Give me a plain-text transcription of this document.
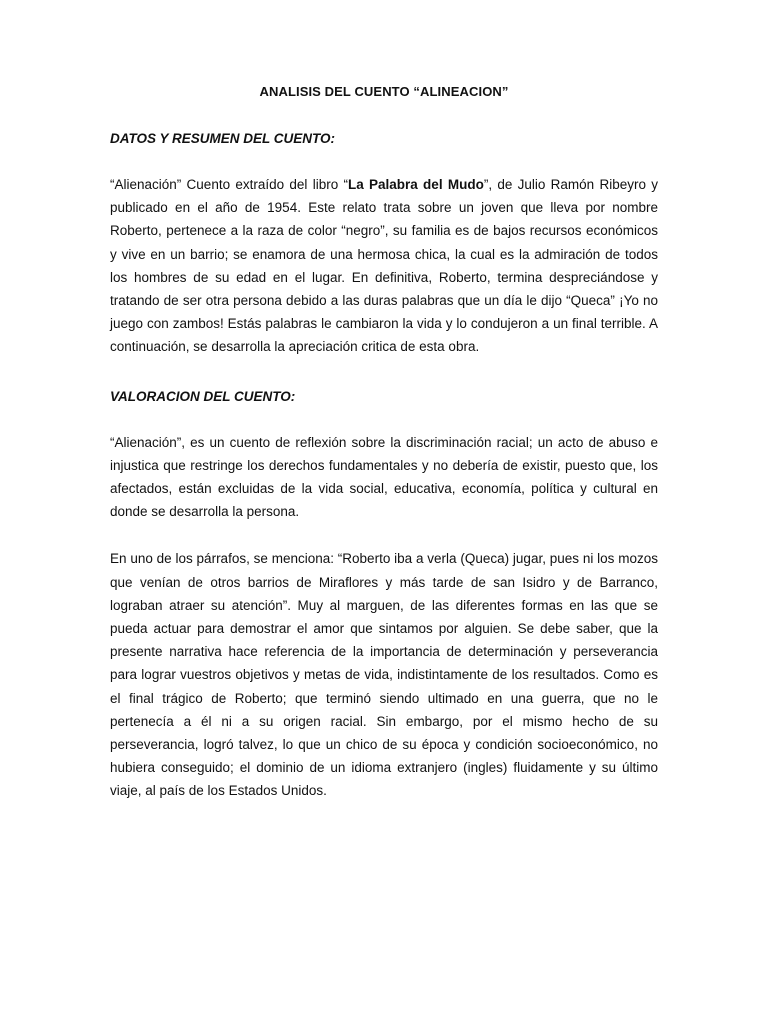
ANALISIS DEL CUENTO “ALINEACION”
DATOS Y RESUMEN DEL CUENTO:
“Alienación” Cuento extraído del libro “La Palabra del Mudo”, de Julio Ramón Ribeyro y publicado en el año de 1954. Este relato trata sobre un joven que lleva por nombre Roberto, pertenece a la raza de color “negro”, su familia es de bajos recursos económicos y vive en un barrio; se enamora de una hermosa chica, la cual es la admiración de todos los hombres de su edad en el lugar. En definitiva, Roberto, termina despreciándose y tratando de ser otra persona debido a las duras palabras que un día le dijo “Queca” ¡Yo no juego con zambos! Estás palabras le cambiaron la vida y lo condujeron a un final terrible. A continuación, se desarrolla la apreciación critica de esta obra.
VALORACION DEL CUENTO:
“Alienación”, es un cuento de reflexión sobre la discriminación racial; un acto de abuso e injustica que restringe los derechos fundamentales y no debería de existir, puesto que, los afectados, están excluidas de la vida social, educativa, economía, política y cultural en donde se desarrolla la persona.
En uno de los párrafos, se menciona: “Roberto iba a verla (Queca) jugar, pues ni los mozos que venían de otros barrios de Miraflores y más tarde de san Isidro y de Barranco, lograban atraer su atención”. Muy al marguen, de las diferentes formas en las que se pueda actuar para demostrar el amor que sintamos por alguien. Se debe saber, que la presente narrativa hace referencia de la importancia de determinación y perseverancia para lograr vuestros objetivos y metas de vida, indistintamente de los resultados. Como es el final trágico de Roberto; que terminó siendo ultimado en una guerra, que no le pertenecía a él ni a su origen racial. Sin embargo, por el mismo hecho de su perseverancia, logró talvez, lo que un chico de su época y condición socioeconómico, no hubiera conseguido; el dominio de un idioma extranjero (ingles) fluidamente y su último viaje, al país de los Estados Unidos.
